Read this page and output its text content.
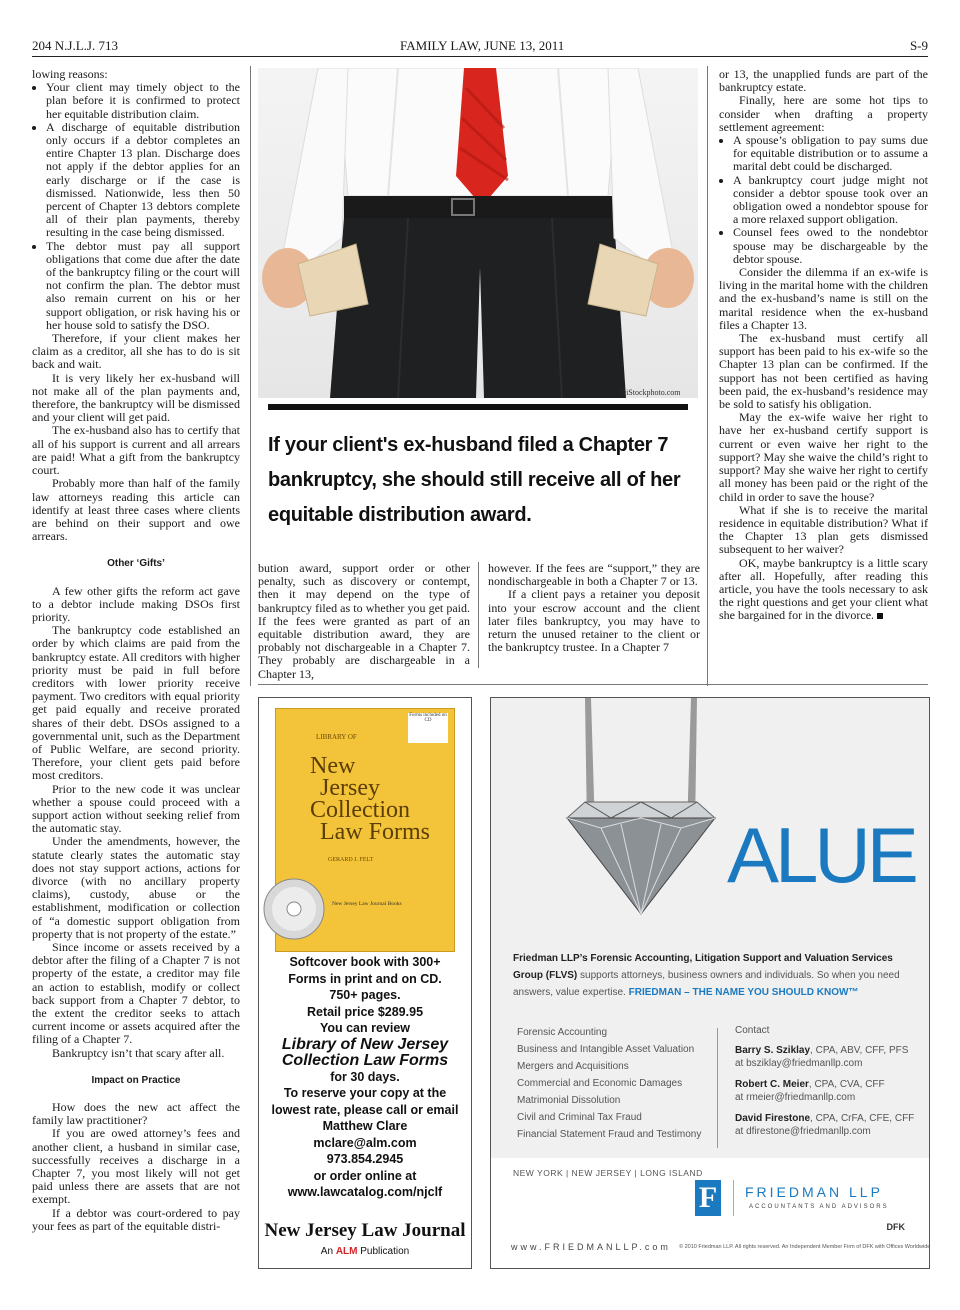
204 N.J.L.J. 713	FAMILY LAW, JUNE 13, 2011	S-9

lowing reasons:

• Your client may timely object to the plan before it is confirmed to protect her equitable distribution claim.
• A discharge of equitable distribution only occurs if a debtor completes an entire Chapter 13 plan. Discharge does not apply if the debtor applies for an early discharge or if the case is dismissed. Nationwide, less then 50 percent of Chapter 13 debtors complete all of their plan payments, thereby resulting in the case being dismissed.
• The debtor must pay all support obligations that come due after the date of the bankruptcy filing or the court will not confirm the plan. The debtor must also remain current on his or her support obligation, or risk having his or her house sold to satisfy the DSO.

Therefore, if your client makes her claim as a creditor, all she has to do is sit back and wait.

It is very likely her ex-husband will not make all of the plan payments and, therefore, the bankruptcy will be dismissed and your client will get paid.

The ex-husband also has to certify that all of his support is current and all arrears are paid! What a gift from the bankruptcy court.

Probably more than half of the family law attorneys reading this article can identify at least three cases where clients are behind on their support and owe arrears.

Other ‘Gifts’

A few other gifts the reform act gave to a debtor include making DSOs first priority.

The bankruptcy code established an order by which claims are paid from the bankruptcy estate. All creditors with higher priority must be paid in full before creditors with lower priority receive payment. Two creditors with equal priority get paid equally and receive prorated shares of their debt. DSOs assigned to a governmental unit, such as the Department of Public Welfare, are second priority. Therefore, your client gets paid before most creditors.

Prior to the new code it was unclear whether a spouse could proceed with a support action without seeking relief from the automatic stay.

Under the amendments, however, the statute clearly states the automatic stay does not stay support actions, actions for divorce (with no ancillary property claims), custody, abuse or the establishment, modification or collection of “a domestic support obligation from property that is not property of the estate.”

Since income or assets received by a debtor after the filing of a Chapter 7 is not property of the estate, a creditor may file an action to establish, modify or collect back support from a Chapter 7 debtor, to the extent the creditor seeks to attach current income or assets acquired after the filing of a Chapter 7.

Bankruptcy isn’t that scary after all.

Impact on Practice

How does the new act affect the family law practitioner?

If you are owed attorney’s fees and another client, a husband in similar case, successfully receives a discharge in a Chapter 7, you most likely will not get paid unless there are assets that are not exempt.

If a debtor was court-ordered to pay your fees as part of the equitable distri-

©iStockphoto.com
If your client's ex-husband filed a Chapter 7 bankruptcy, she should still receive all of her equitable distribution award.

bution award, support order or other penalty, such as discovery or contempt, then it may depend on the type of bankruptcy filed as to whether you get paid. If the fees were granted as part of an equitable distribution award, they are probably not dischargeable in a Chapter 7. They probably are dischargeable in a Chapter 13,

however. If the fees are “support,” they are nondischargeable in both a Chapter 7 or 13.

If a client pays a retainer you deposit into your escrow account and the client later files bankruptcy, you may have to return the unused retainer to the client or the bankruptcy trustee. In a Chapter 7

or 13, the unapplied funds are part of the bankruptcy estate.

Finally, here are some hot tips to consider when drafting a property settlement agreement:

• A spouse’s obligation to pay sums due for equitable distribution or to assume a marital debt could be discharged.
• A bankruptcy court judge might not consider a debtor spouse took over an obligation owed a nondebtor spouse for a more relaxed support obligation.
• Counsel fees owed to the nondebtor spouse may be dischargeable by the debtor spouse.

Consider the dilemma if an ex-wife is living in the marital home with the children and the ex-husband’s name is still on the marital residence when the ex-husband files a Chapter 13.

The ex-husband must certify all support has been paid to his ex-wife so the Chapter 13 plan can be confirmed. If the support has not been certified as having been paid, the ex-husband’s residence may be sold to satisfy his obligation.

May the ex-wife waive her right to have her ex-husband certify support is current or even waive her right to the support? May she waive the child’s right to support? May she waive her right to certify all money has been paid or the right of the child in order to save the house?

What if she is to receive the marital residence in equitable distribution? What if the Chapter 13 plan gets dismissed subsequent to her waiver?

OK, maybe bankruptcy is a little scary after all. Hopefully, after reading this article, you have the tools necessary to ask the right questions and get your client what she bargained for in the divorce.

Forms included on CD
LIBRARY OF
New
Jersey
Collection
Law Forms
GERARD J. FELT
New Jersey Law Journal Books
Softcover book with 300+
Forms in print and on CD.
750+ pages.
Retail price $289.95
You can review
Library of New Jersey
Collection Law Forms
for 30 days.
To reserve your copy at the
lowest rate, please call or email
Matthew Clare
mclare@alm.com
973.854.2945
or order online at
www.lawcatalog.com/njclf
New Jersey Law Journal
An ALM Publication
ALUE
Friedman LLP’s Forensic Accounting, Litigation Support and Valuation Services Group (FLVS) supports attorneys, business owners and individuals. So when you need answers, value expertise. FRIEDMAN – THE NAME YOU SHOULD KNOW™
Forensic Accounting
Business and Intangible Asset Valuation
Mergers and Acquisitions
Commercial and Economic Damages
Matrimonial Dissolution
Civil and Criminal Tax Fraud
Financial Statement Fraud and Testimony
Contact
Barry S. Sziklay, CPA, ABV, CFF, PFS
at bsziklay@friedmanllp.com
Robert C. Meier, CPA, CVA, CFF
at rmeier@friedmanllp.com
David Firestone, CPA, CrFA, CFE, CFF
at dfirestone@friedmanllp.com
NEW YORK | NEW JERSEY | LONG ISLAND
F FRIEDMAN LLP
ACCOUNTANTS AND ADVISORS
DFK
www.FRIEDMANLLP.com © 2010 Friedman LLP. All rights reserved. An Independent Member Firm of DFK with Offices Worldwide
